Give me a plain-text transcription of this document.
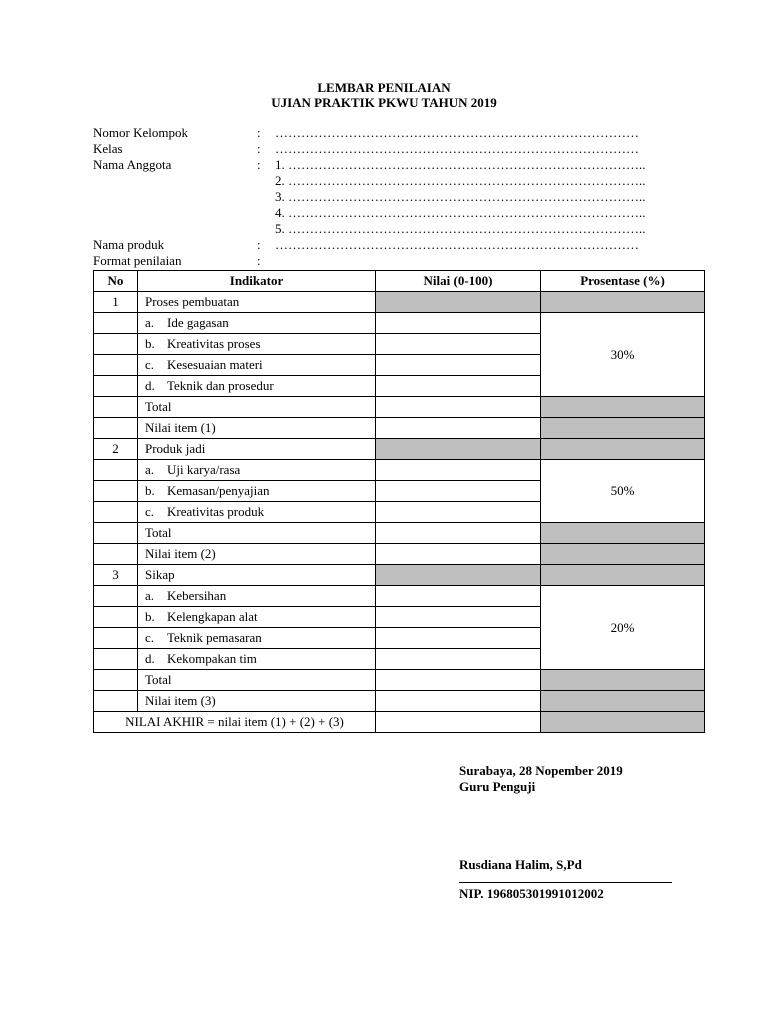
LEMBAR PENILAIAN
UJIAN PRAKTIK PKWU TAHUN 2019
Nomor Kelompok	: …………………………………………………………………………
Kelas	: …………………………………………………………………………
Nama Anggota	: 1. ………………………………………………………………………..
2. ………………………………………………………………………..
3. ………………………………………………………………………..
4. ………………………………………………………………………..
5. ………………………………………………………………………..
Nama produk	: …………………………………………………………………………
Format penilaian	:
No	Indikator	Nilai (0-100)	Prosentase (%)
1	Proses pembuatan		
	a. Ide gagasan		30%
	b. Kreativitas proses		
	c. Kesesuaian materi		
	d. Teknik dan prosedur		
	Total		
	Nilai item (1)		
2	Produk jadi		
	a. Uji karya/rasa		50%
	b. Kemasan/penyajian		
	c. Kreativitas produk		
	Total		
	Nilai item (2)		
3	Sikap		
	a. Kebersihan		20%
	b. Kelengkapan alat		
	c. Teknik pemasaran		
	d. Kekompakan tim		
	Total		
	Nilai item (3)		
NILAI AKHIR = nilai item (1) + (2) + (3)			
Surabaya, 28 Nopember 2019
Guru Penguji
Rusdiana Halim, S,Pd
NIP. 196805301991012002
